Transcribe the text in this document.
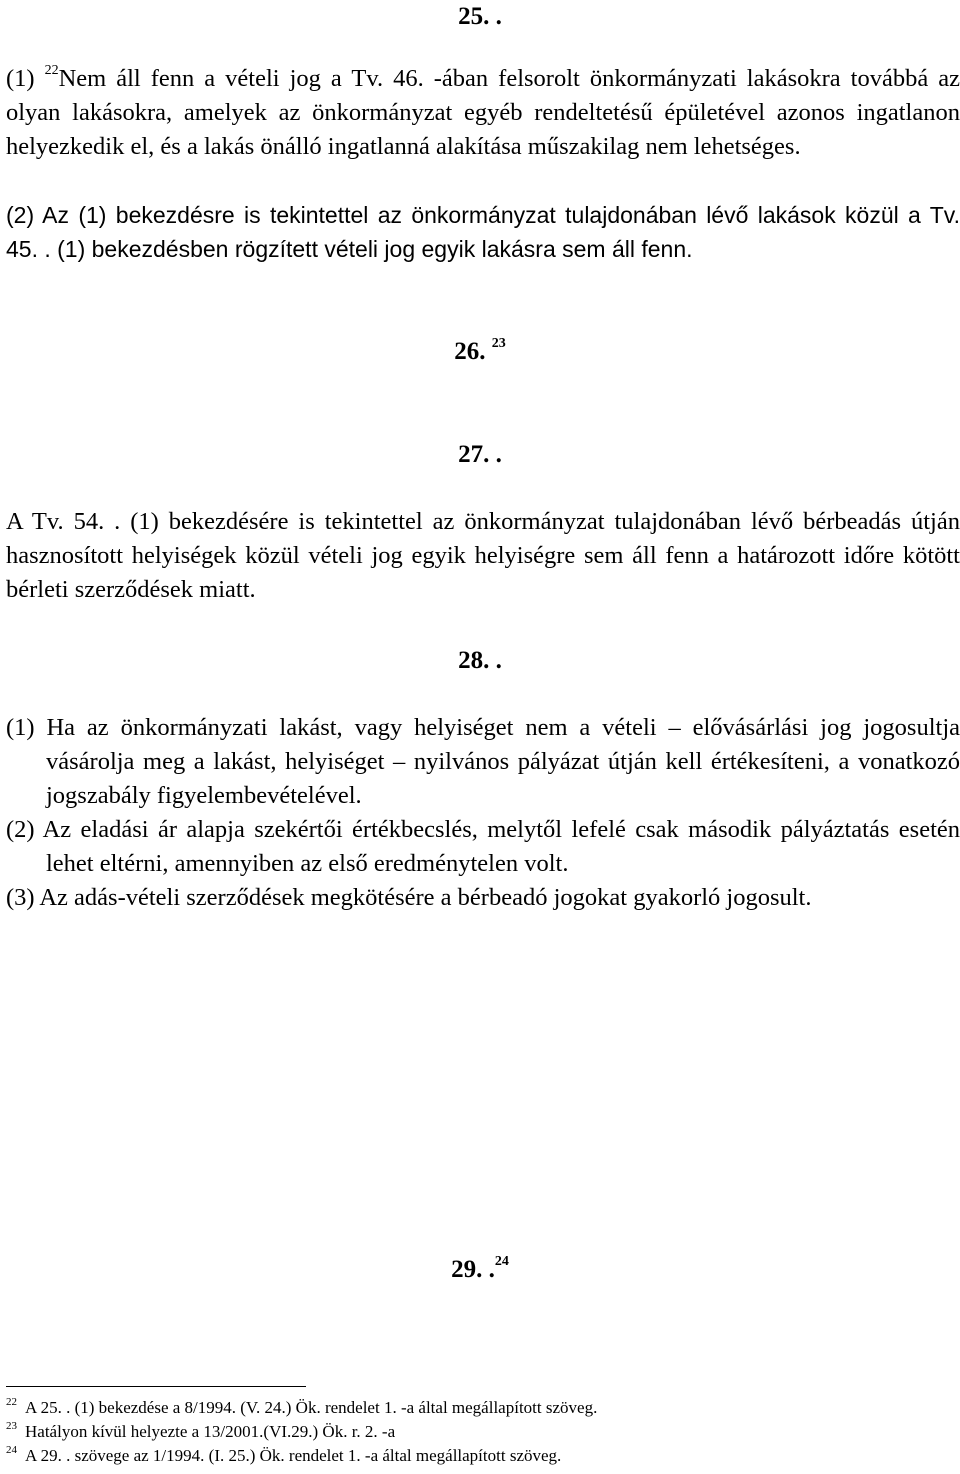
25. .
(1) $^{22}$Nem áll fenn a vételi jog a Tv. 46. -ában felsorolt önkormányzati lakásokra továbbá az olyan lakásokra, amelyek az önkormányzat egyéb rendeltetésű épületével azonos ingatlanon helyezkedik el, és a lakás önálló ingatlanná alakítása műszakilag nem lehetséges.
(2) Az (1) bekezdésre is tekintettel az önkormányzat tulajdonában lévő lakások közül a Tv. 45. . (1) bekezdésben rögzített vételi jog egyik lakásra sem áll fenn.
26. $^{23}$
27. .
A Tv. 54. . (1) bekezdésére is tekintettel az önkormányzat tulajdonában lévő bérbeadás útján hasznosított helyiségek közül vételi jog egyik helyiségre sem áll fenn a határozott időre kötött bérleti szerződések miatt.
28. .
(1) Ha az önkormányzati lakást, vagy helyiséget nem a vételi – elővásárlási jog jogosultja vásárolja meg a lakást, helyiséget – nyilvános pályázat útján kell értékesíteni, a vonatkozó jogszabály figyelembevételével.
(2) Az eladási ár alapja szekértői értékbecslés, melytől lefelé csak második pályáztatás esetén lehet eltérni, amennyiben az első eredménytelen volt.
(3) Az adás-vételi szerződések megkötésére a bérbeadó jogokat gyakorló jogosult.
29. .$^{24}$
$^{22}$ A 25. . (1) bekezdése a 8/1994. (V. 24.) Ök. rendelet 1. -a által megállapított szöveg.
$^{23}$ Hatályon kívül helyezte a 13/2001.(VI.29.) Ök. r. 2. -a
$^{24}$ A 29. . szövege az 1/1994. (I. 25.) Ök. rendelet 1. -a által megállapított szöveg.
